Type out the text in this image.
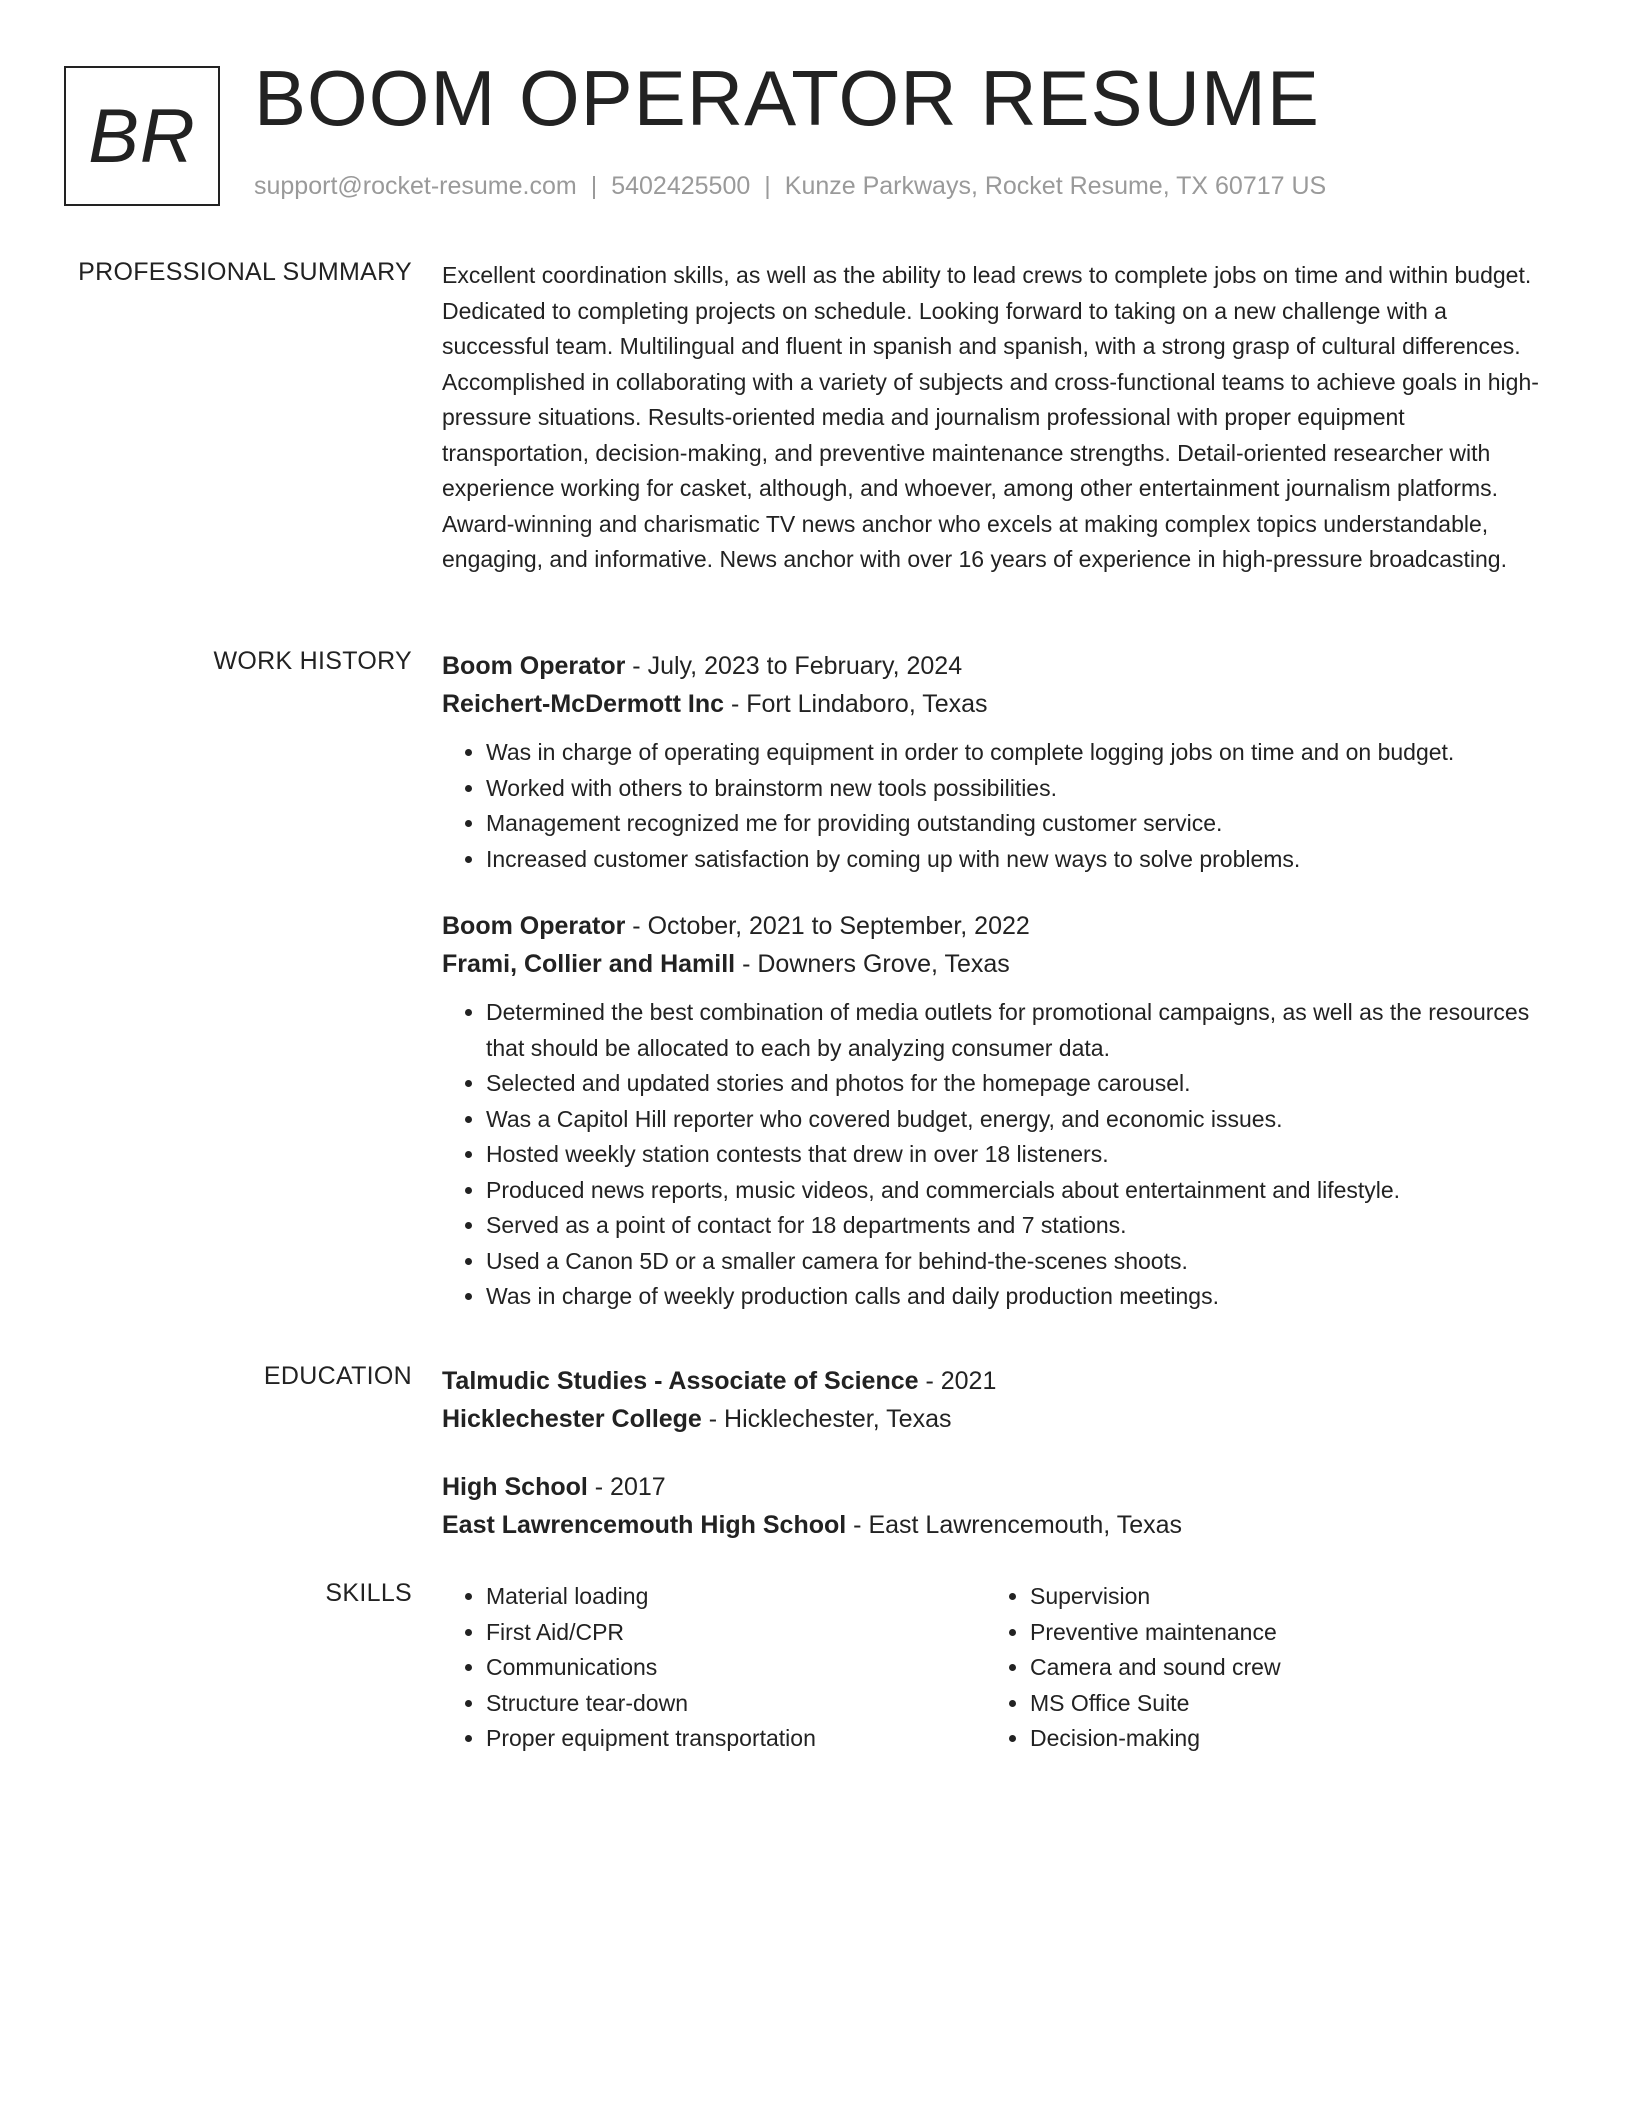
BR BOOM OPERATOR RESUME
support@rocket-resume.com | 5402425500 | Kunze Parkways, Rocket Resume, TX 60717 US
PROFESSIONAL SUMMARY Excellent coordination skills, as well as the ability to lead crews to complete jobs on time and within budget. Dedicated to completing projects on schedule. Looking forward to taking on a new challenge with a successful team. Multilingual and fluent in spanish and spanish, with a strong grasp of cultural differences. Accomplished in collaborating with a variety of subjects and cross-functional teams to achieve goals in high-pressure situations. Results-oriented media and journalism professional with proper equipment transportation, decision-making, and preventive maintenance strengths. Detail-oriented researcher with experience working for casket, although, and whoever, among other entertainment journalism platforms. Award-winning and charismatic TV news anchor who excels at making complex topics understandable, engaging, and informative. News anchor with over 16 years of experience in high-pressure broadcasting.

WORK HISTORY Boom Operator - July, 2023 to February, 2024
Reichert-McDermott Inc - Fort Lindaboro, Texas
• Was in charge of operating equipment in order to complete logging jobs on time and on budget.
• Worked with others to brainstorm new tools possibilities.
• Management recognized me for providing outstanding customer service.
• Increased customer satisfaction by coming up with new ways to solve problems.
Boom Operator - October, 2021 to September, 2022
Frami, Collier and Hamill - Downers Grove, Texas
• Determined the best combination of media outlets for promotional campaigns, as well as the resources that should be allocated to each by analyzing consumer data.
• Selected and updated stories and photos for the homepage carousel.
• Was a Capitol Hill reporter who covered budget, energy, and economic issues.
• Hosted weekly station contests that drew in over 18 listeners.
• Produced news reports, music videos, and commercials about entertainment and lifestyle.
• Served as a point of contact for 18 departments and 7 stations.
• Used a Canon 5D or a smaller camera for behind-the-scenes shoots.
• Was in charge of weekly production calls and daily production meetings.
EDUCATION Talmudic Studies - Associate of Science - 2021
Hicklechester College - Hicklechester, Texas
High School - 2017
East Lawrencemouth High School - East Lawrencemouth, Texas
SKILLS
•	Material loading
• First Aid/CPR
• Communications
• Structure tear-down
• Proper equipment transportation
• Supervision
• Preventive maintenance
• Camera and sound crew
• MS Office Suite
• Decision-making
